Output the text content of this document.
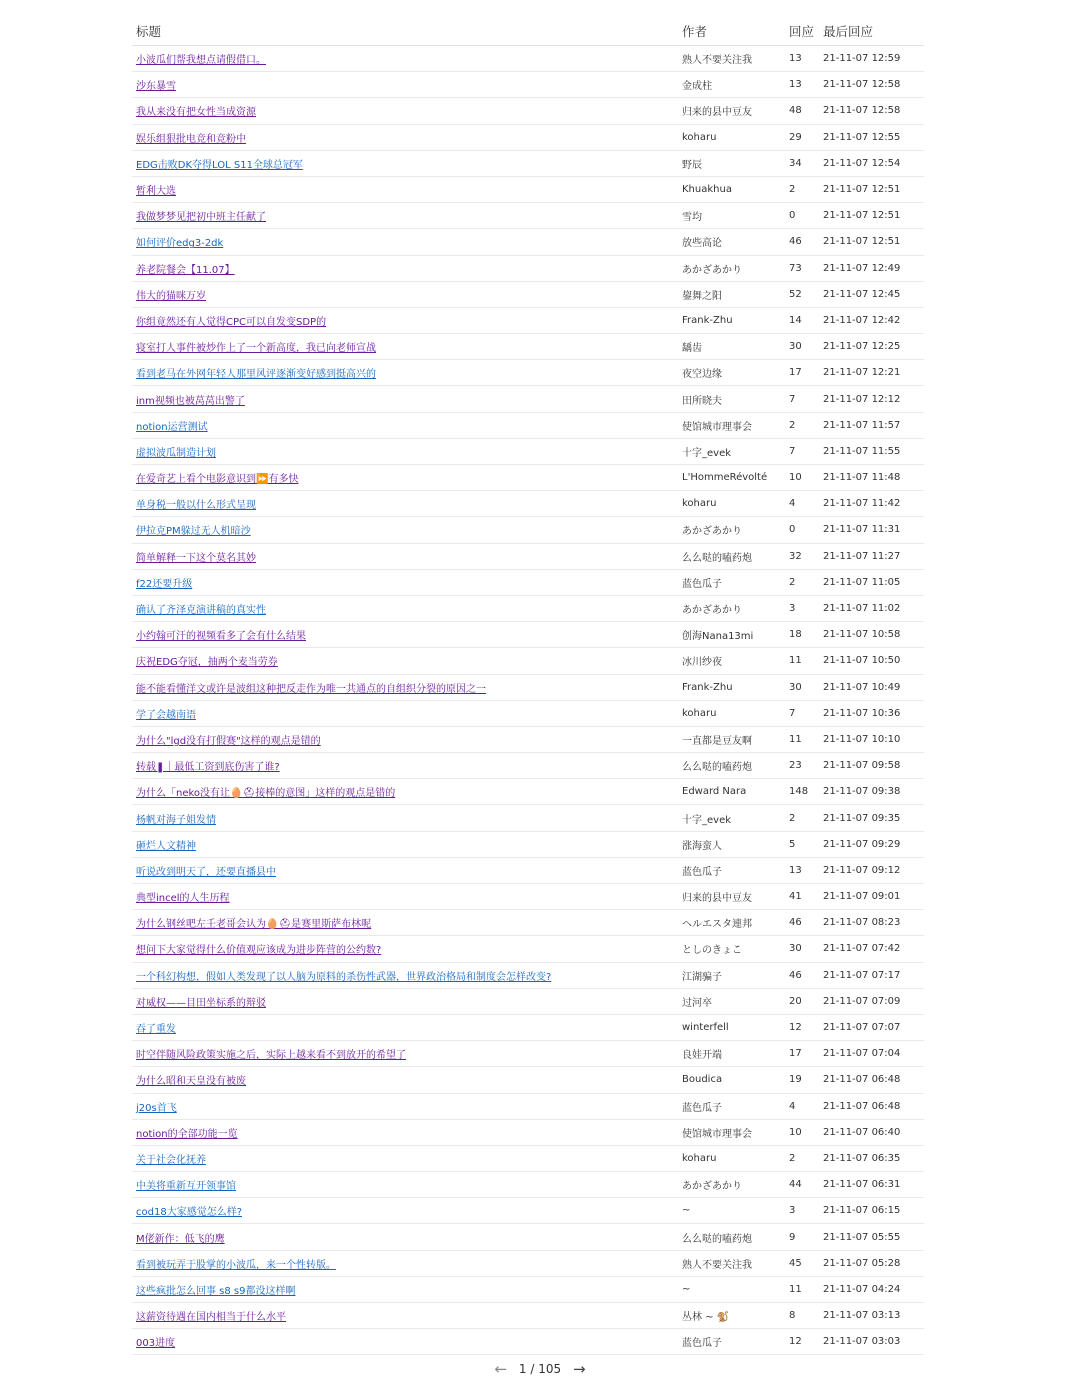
标题	作者	回应	最后回应
小波瓜们帮我想点请假借口。	熟人不要关注我	13	21-11-07 12:59
沙东暴雪	金成柱	13	21-11-07 12:58
我从来没有把女性当成资源	归来的县中豆友	48	21-11-07 12:58
娱乐组狠批电竞和竞粉中	koharu	29	21-11-07 12:55
EDG击败DK夺得LOL S11全球总冠军	野辰	34	21-11-07 12:54
暂利大选	Khuakhua	2	21-11-07 12:51
我做梦梦见把初中班主任献了	雪均	0	21-11-07 12:51
如何评价edg3-2dk	放些高论	46	21-11-07 12:51
养老院餐会【11.07】	あかざあかり	73	21-11-07 12:49
伟大的猫咪万岁	鋆舞之阳	52	21-11-07 12:45
你组竟然还有人觉得CPC可以自发变SDP的	Frank-Zhu	14	21-11-07 12:42
寝室打人事件被炒作上了一个新高度，我已向老师宣战	龋齿	30	21-11-07 12:25
看到老马在外网年轻人那里风评逐渐变好感到挺高兴的	夜空边缘	17	21-11-07 12:21
inm视频也被莴莴出警了	田所晓夫	7	21-11-07 12:12
notion运营测试	使馆城市理事会	2	21-11-07 11:57
虚拟波瓜制造计划	十字_evek	7	21-11-07 11:55
在爱奇艺上看个电影意识到⏩有多快	L'HommeRévolté	10	21-11-07 11:48
单身税一般以什么形式呈现	koharu	4	21-11-07 11:42
伊拉克PM躲过无人机暗沙	あかざあかり	0	21-11-07 11:31
简单解释一下这个莫名其妙	么么哒的嗑药炮	32	21-11-07 11:27
f22还要升级	蓝色瓜子	2	21-11-07 11:05
确认了齐泽克演讲稿的真实性	あかざあかり	3	21-11-07 11:02
小约翰可汗的视频看多了会有什么结果	创海Nana13mi	18	21-11-07 10:58
庆祝EDG夺冠，抽两个麦当劳券	冰川纱夜	11	21-11-07 10:50
能不能看懂洋文或许是波组这种把反走作为唯一共通点的自组织分裂的原因之一	Frank-Zhu	30	21-11-07 10:49
学了会越南语	koharu	7	21-11-07 10:36
为什么"lgd没有打假赛"这样的观点是错的	一直都是豆友啊	11	21-11-07 10:10
转载❚｜最低工资到底伤害了谁?	么么哒的嗑药炮	23	21-11-07 09:58
为什么「neko没有让🥚⛑接棒的意图」这样的观点是错的	Edward Nara	148	21-11-07 09:38
杨帆对海子姐发情	十字_evek	2	21-11-07 09:35
砸烂人文精神	涨海蛮人	5	21-11-07 09:29
听说改到明天了，还要直播县中	蓝色瓜子	13	21-11-07 09:12
典型incel的人生历程	归来的县中豆友	41	21-11-07 09:01
为什么钢丝吧左壬老哥会认为🥚⛑是赛里斯萨布林呢	ヘルエスタ連邦	46	21-11-07 08:23
想问下大家觉得什么价值观应该成为进步阵营的公约数?	としのきょこ	30	21-11-07 07:42
一个科幻构想，假如人类发现了以人脑为原料的杀伤性武器，世界政治格局和制度会怎样改变?	江湖骗子	46	21-11-07 07:17
对威权——目田坐标系的辩驳	过河卒	20	21-11-07 07:09
吞了重发	winterfell	12	21-11-07 07:07
时空伴随风险政策实施之后，实际上越来看不到放开的希望了	良娃开端	17	21-11-07 07:04
为什么昭和天皇没有被废	Boudica	19	21-11-07 06:48
j20s首飞	蓝色瓜子	4	21-11-07 06:48
notion的全部功能一览	使馆城市理事会	10	21-11-07 06:40
关于社会化抚养	koharu	2	21-11-07 06:35
中美将重新互开领事馆	あかざあかり	44	21-11-07 06:31
cod18大家感觉怎么样?	~	3	21-11-07 06:15
M佬新作：低飞的鹰	么么哒的嗑药炮	9	21-11-07 05:55
看到被玩弄于股掌的小波瓜，来一个性转版。	熟人不要关注我	45	21-11-07 05:28
这些疯批怎么回事 s8 s9都没这样啊	~	11	21-11-07 04:24
这薪资待遇在国内相当于什么水平	丛林 ~ 🐒	8	21-11-07 03:13
003进度	蓝色瓜子	12	21-11-07 03:03
← 1 / 105 →
